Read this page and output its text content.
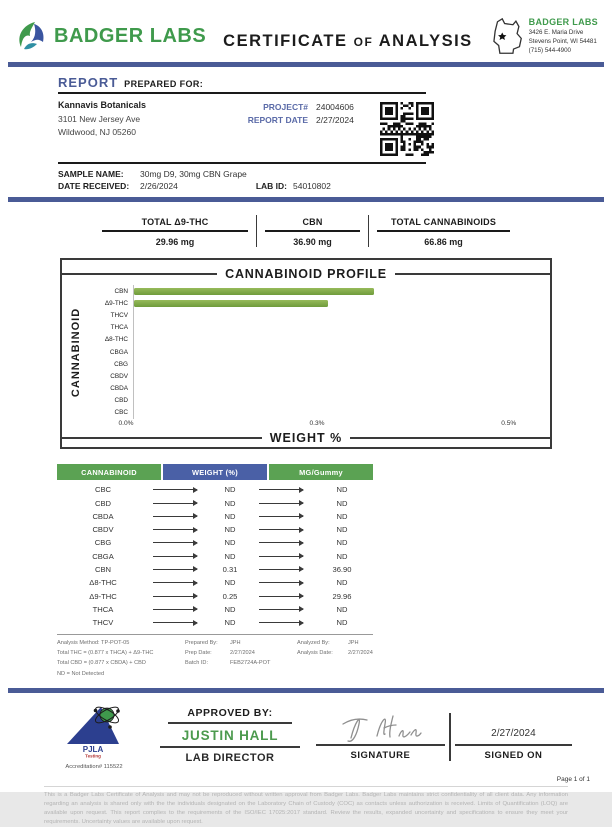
BADGER LABS CERTIFICATE OF ANALYSIS
BADGER LABS
3426 E. Maria Drive
Stevens Point, WI 54481
(715) 544-4900
REPORT PREPARED FOR:
Kannavis Botanicals
3101 New Jersey Ave
Wildwood, NJ 05260
PROJECT# 24004606
REPORT DATE 2/27/2024
SAMPLE NAME:	30mg D9, 30mg CBN Grape
DATE RECEIVED:	2/26/2024	LAB ID: 54010802
TOTAL Δ9-THC
29.96 mg
CBN
36.90 mg
TOTAL CANNABINOIDS
66.86 mg
CANNABINOID PROFILE
CANNABINOID
CBN
Δ9-THC
THCV
THCA
Δ8-THC
CBGA
CBG
CBDV
CBDA
CBD
CBC
0.0%	0.3%	0.5%
WEIGHT %
CANNABINOID	WEIGHT (%)	MG/Gummy
CBC	ND	ND
CBD	ND	ND
CBDA	ND	ND
CBDV	ND	ND
CBG	ND	ND
CBGA	ND	ND
CBN	0.31	36.90
Δ8-THC	ND	ND
Δ9-THC	0.25	29.96
THCA	ND	ND
THCV	ND	ND
Analysis Method: TP-POT-05
Total THC = (0.877 x THCA) + Δ9-THC
Total CBD = (0.877 x CBDA) + CBD
ND = Not Detected
Prepared By:	JPH
Prep Date:	2/27/2024
Batch ID:	FEB2724A-POT
Analyzed By:	JPH
Analysis Date:	2/27/2024
PJLA
Testing
Accreditation# 115522
APPROVED BY:
JUSTIN HALL
LAB DIRECTOR	SIGNATURE
2/27/2024
SIGNED ON
Page 1 of 1
This is a Badger Labs Certificate of Analysis and may not be reproduced without written approval from Badger Labs. Badger Labs maintains strict confidentiality of all client data. Any information regarding an analysis is shared only with the the individuals designated on the Laboratory Chain of Custody (COC) as contacts unless authorization is received. Limits of Quantification (LOQ) are available upon request. This report complies to the requirements of the ISO/IEC 17025:2017 standard. Review the results, expanded uncertainty and specifications to ensure they meet your requirements. Uncertainty values are available upon request.
